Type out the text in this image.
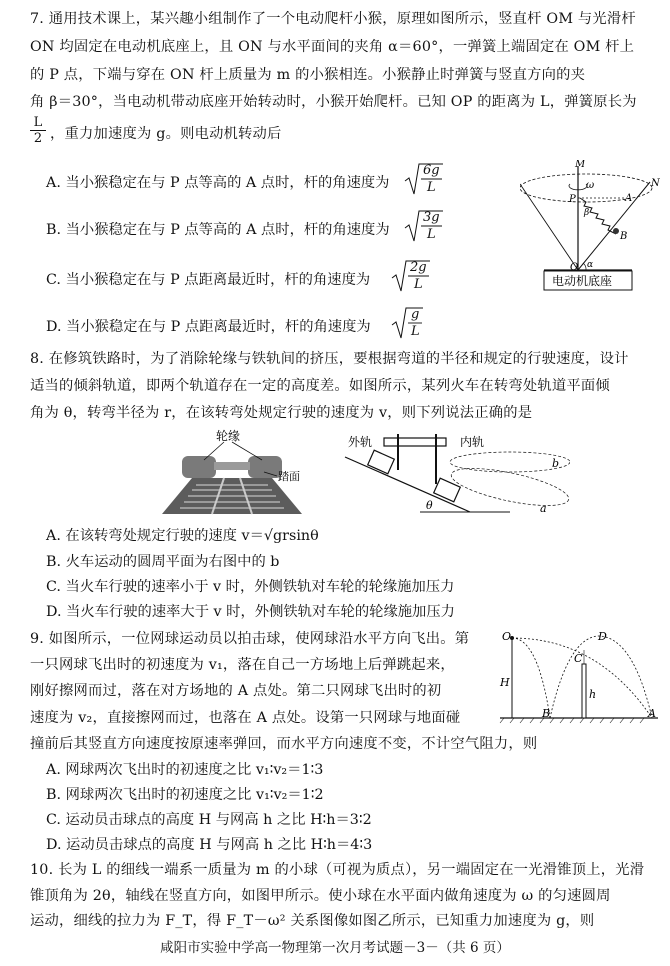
7. 通用技术课上，某兴趣小组制作了一个电动爬杆小猴，原理如图所示，竖直杆 OM 与光滑杆
ON 均固定在电动机底座上，且 ON 与水平面间的夹角 α＝60°，一弹簧上端固定在 OM 杆上
的 P 点，下端与穿在 ON 杆上质量为 m 的小猴相连。小猴静止时弹簧与竖直方向的夹
角 β＝30°，当电动机带动底座开始转动时，小猴开始爬杆。已知 OP 的距离为 L，弹簧原长为
$\frac{L}{2}$ ，重力加速度为 g。则电动机转动后
A. 当小猴稳定在与 P 点等高的 A 点时，杆的角速度为
6g
L
B. 当小猴稳定在与 P 点等高的 A 点时，杆的角速度为
3g
L
C. 当小猴稳定在与 P 点距离最近时，杆的角速度为
2g
L
D. 当小猴稳定在与 P 点距离最近时，杆的角速度为
g
L
ω
电动机底座
M
N
P	A
B
O
β
α
8. 在修筑铁路时，为了消除轮缘与铁轨间的挤压，要根据弯道的半径和规定的行驶速度，设计
适当的倾斜轨道，即两个轨道存在一定的高度差。如图所示，某列火车在转弯处轨道平面倾
角为 θ，转弯半径为 r，在该转弯处规定行驶的速度为 v，则下列说法正确的是
轮缘
踏面
外轨	内轨
b
θ	a
A. 在该转弯处规定行驶的速度 v＝√grsinθ
B. 火车运动的圆周平面为右图中的 b
C. 当火车行驶的速率小于 v 时，外侧铁轨对车轮的轮缘施加压力
D. 当火车行驶的速率大于 v 时，外侧铁轨对车轮的轮缘施加压力
9. 如图所示，一位网球运动员以拍击球，使网球沿水平方向飞出。第
一只网球飞出时的初速度为 v₁，落在自己一方场地上后弹跳起来，
刚好擦网而过，落在对方场地的 A 点处。第二只网球飞出时的初
速度为 v₂，直接擦网而过，也落在 A 点处。设第一只网球与地面碰
撞前后其竖直方向速度按原速率弹回，而水平方向速度不变，不计空气阻力，则
A. 网球两次飞出时的初速度之比 v₁∶v₂＝1∶3
B. 网球两次飞出时的初速度之比 v₁∶v₂＝1∶2
C. 运动员击球点的高度 H 与网高 h 之比 H∶h＝3∶2
D. 运动员击球点的高度 H 与网高 h 之比 H∶h＝4∶3
O	D
C
H
h
B	A
10. 长为 L 的细线一端系一质量为 m 的小球（可视为质点），另一端固定在一光滑锥顶上，光滑
锥顶角为 2θ，轴线在竖直方向，如图甲所示。使小球在水平面内做角速度为 ω 的匀速圆周
运动，细线的拉力为 F_T，得 F_T－ω² 关系图像如图乙所示，已知重力加速度为 g，则
咸阳市实验中学高一物理第一次月考试题－3－（共 6 页）
